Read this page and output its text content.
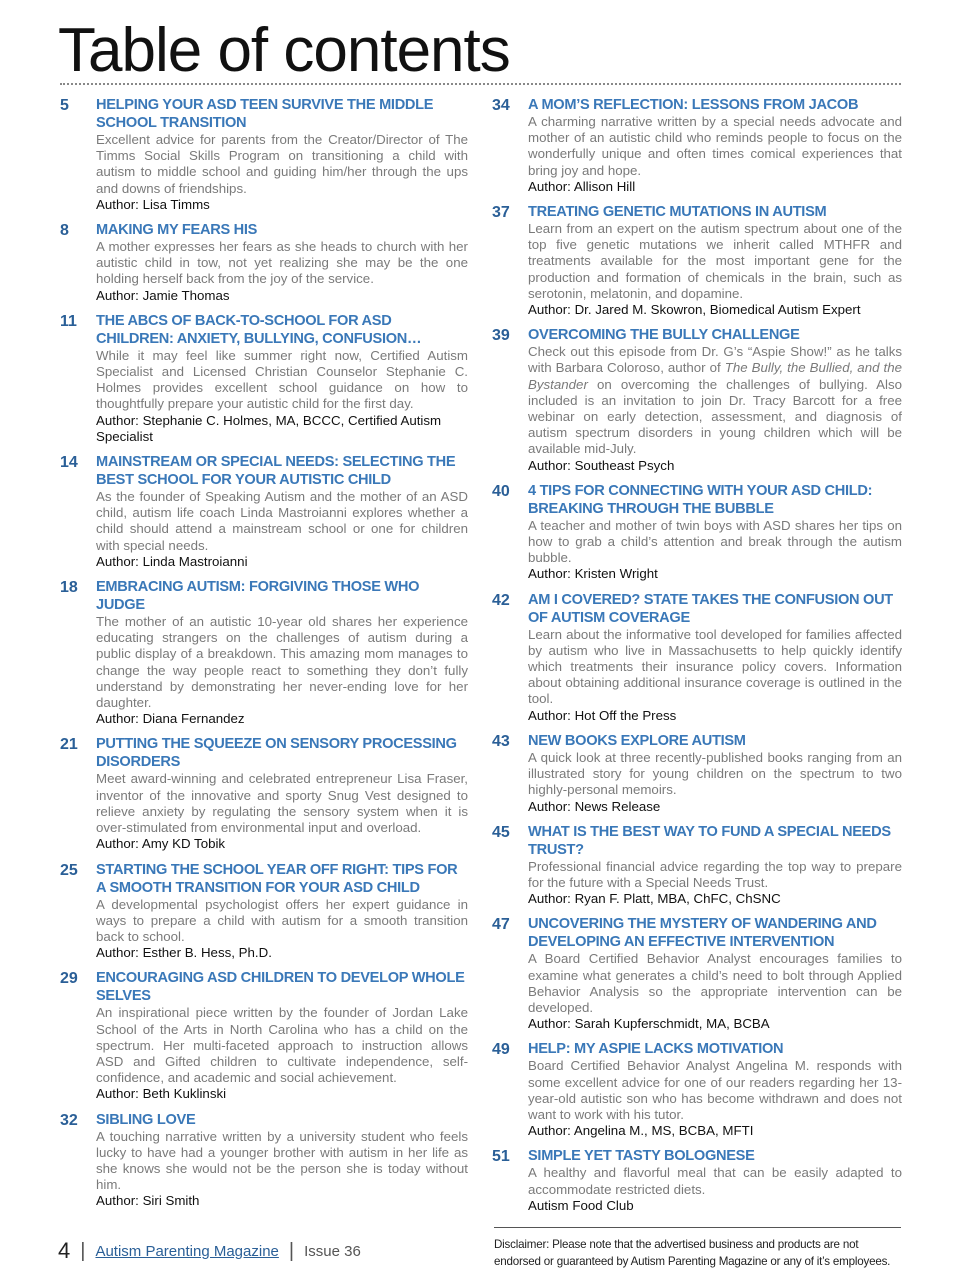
Table of contents
5	HELPING YOUR ASD TEEN SURVIVE THE MIDDLE SCHOOL TRANSITION
Excellent advice for parents from the Creator/Director of The Timms Social Skills Program on transitioning a child with autism to middle school and guiding him/her through the ups and downs of friendships.
Author: Lisa Timms
8	MAKING MY FEARS HIS
A mother expresses her fears as she heads to church with her autistic child in tow, not yet realizing she may be the one holding herself back from the joy of the service.
Author: Jamie Thomas
11	THE ABCS OF BACK-TO-SCHOOL FOR ASD CHILDREN: ANXIETY, BULLYING, CONFUSION…
While it may feel like summer right now, Certified Autism Specialist and Licensed Christian Counselor Stephanie C. Holmes provides excellent school guidance on how to thoughtfully prepare your autistic child for the first day.
Author: Stephanie C. Holmes, MA, BCCC, Certified Autism Specialist
14	MAINSTREAM OR SPECIAL NEEDS: SELECTING THE BEST SCHOOL FOR YOUR AUTISTIC CHILD
As the founder of Speaking Autism and the mother of an ASD child, autism life coach Linda Mastroianni explores whether a child should attend a mainstream school or one for children with special needs.
Author: Linda Mastroianni
18	EMBRACING AUTISM: FORGIVING THOSE WHO JUDGE
The mother of an autistic 10-year old shares her experience educating strangers on the challenges of autism during a public display of a breakdown. This amazing mom manages to change the way people react to something they don’t fully understand by demonstrating her never-ending love for her daughter.
Author: Diana Fernandez
21	PUTTING THE SQUEEZE ON SENSORY PROCESSING DISORDERS
Meet award-winning and celebrated entrepreneur Lisa Fraser, inventor of the innovative and sporty Snug Vest designed to relieve anxiety by regulating the sensory system when it is over-stimulated from environmental input and overload.
Author: Amy KD Tobik
25	STARTING THE SCHOOL YEAR OFF RIGHT: TIPS FOR A SMOOTH TRANSITION FOR YOUR ASD CHILD
A developmental psychologist offers her expert guidance in ways to prepare a child with autism for a smooth transition back to school.
Author: Esther B. Hess, Ph.D.
29	ENCOURAGING ASD CHILDREN TO DEVELOP WHOLE SELVES
An inspirational piece written by the founder of Jordan Lake School of the Arts in North Carolina who has a child on the spectrum. Her multi-faceted approach to instruction allows ASD and Gifted children to cultivate independence, self-confidence, and academic and social achievement.
Author: Beth Kuklinski
32	SIBLING LOVE
A touching narrative written by a university student who feels lucky to have had a younger brother with autism in her life as she knows she would not be the person she is today without him.
Author: Siri Smith
34	A MOM’S REFLECTION: LESSONS FROM JACOB
A charming narrative written by a special needs advocate and mother of an autistic child who reminds people to focus on the wonderfully unique and often times comical experiences that bring joy and hope.
Author: Allison Hill
37	TREATING GENETIC MUTATIONS IN AUTISM
Learn from an expert on the autism spectrum about one of the top five genetic mutations we inherit called MTHFR and treatments available for the most important gene for the production and formation of chemicals in the brain, such as serotonin, melatonin, and dopamine.
Author: Dr. Jared M. Skowron, Biomedical Autism Expert
39	OVERCOMING THE BULLY CHALLENGE
Check out this episode from Dr. G’s “Aspie Show!” as he talks with Barbara Coloroso, author of The Bully, the Bullied, and the Bystander on overcoming the challenges of bullying. Also included is an invitation to join Dr. Tracy Barcott for a free webinar on early detection, assessment, and diagnosis of autism spectrum disorders in young children which will be available mid-July.
Author: Southeast Psych
40	4 TIPS FOR CONNECTING WITH YOUR ASD CHILD: BREAKING THROUGH THE BUBBLE
A teacher and mother of twin boys with ASD shares her tips on how to grab a child’s attention and break through the autism bubble.
Author: Kristen Wright
42	AM I COVERED? STATE TAKES THE CONFUSION OUT OF AUTISM COVERAGE
Learn about the informative tool developed for families affected by autism who live in Massachusetts to help quickly identify which treatments their insurance policy covers. Information about obtaining additional insurance coverage is outlined in the tool.
Author: Hot Off the Press
43	NEW BOOKS EXPLORE AUTISM
A quick look at three recently-published books ranging from an illustrated story for young children on the spectrum to two highly-personal memoirs.
Author: News Release
45	WHAT IS THE BEST WAY TO FUND A SPECIAL NEEDS TRUST?
Professional financial advice regarding the top way to prepare for the future with a Special Needs Trust.
Author: Ryan F. Platt, MBA, ChFC, ChSNC
47	UNCOVERING THE MYSTERY OF WANDERING AND DEVELOPING AN EFFECTIVE INTERVENTION
A Board Certified Behavior Analyst encourages families to examine what generates a child’s need to bolt through Applied Behavior Analysis so the appropriate intervention can be developed.
Author: Sarah Kupferschmidt, MA, BCBA
49	HELP: MY ASPIE LACKS MOTIVATION
Board Certified Behavior Analyst Angelina M. responds with some excellent advice for one of our readers regarding her 13-year-old autistic son who has become withdrawn and does not want to work with his tutor.
Author: Angelina M., MS, BCBA, MFTI
51	SIMPLE YET TASTY BOLOGNESE
A healthy and flavorful meal that can be easily adapted to accommodate restricted diets.
Autism Food Club
4 | Autism Parenting Magazine | Issue 36	Disclaimer: Please note that the advertised business and products are not endorsed or guaranteed by Autism Parenting Magazine or any of it’s employees.
